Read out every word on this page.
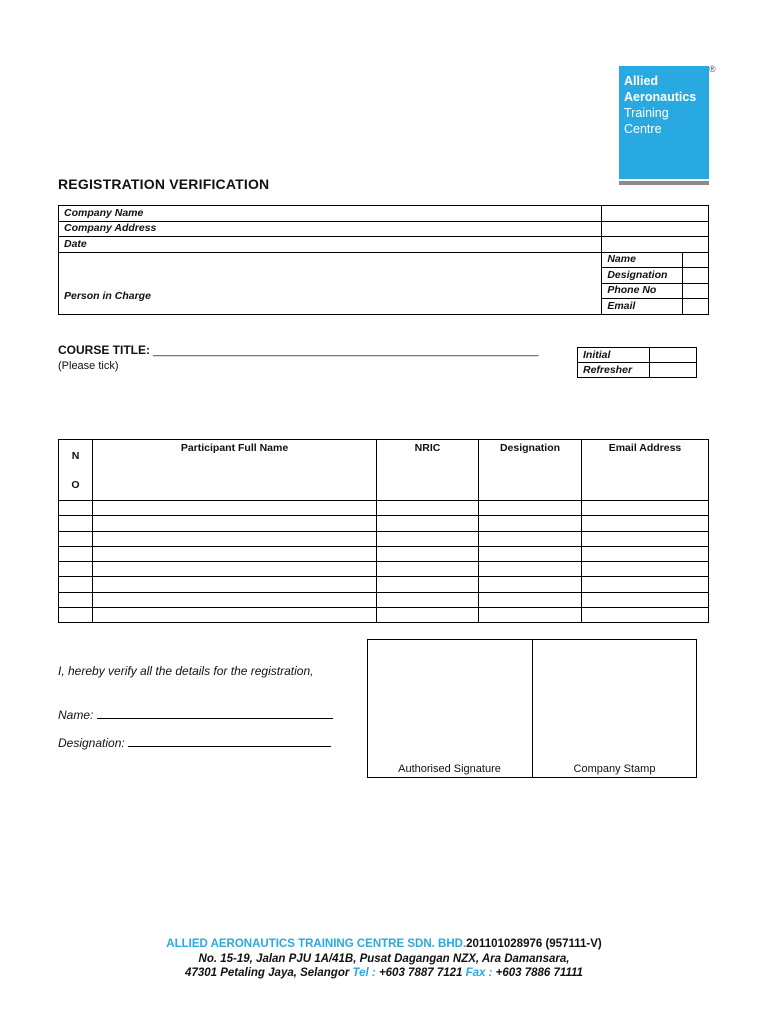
Allied
Aeronautics
Training
Centre
®
REGISTRATION VERIFICATION
Company Name		
Company Address		
Date		
Person in Charge	Name	
	Designation	
	Phone No	
	Email	
COURSE TITLE: _______________________________________________________________ (Please tick)
Initial	
Refresher	
N
O	Participant Full Name	NRIC	Designation	Email Address

I, hereby verify all the details for the registration,
Name:
Designation:
Authorised Signature	Company Stamp
ALLIED AERONAUTICS TRAINING CENTRE SDN. BHD.201101028976 (957111-V)
No. 15-19, Jalan PJU 1A/41B, Pusat Dagangan NZX, Ara Damansara,
47301 Petaling Jaya, Selangor Tel : +603 7887 7121 Fax : +603 7886 71111
